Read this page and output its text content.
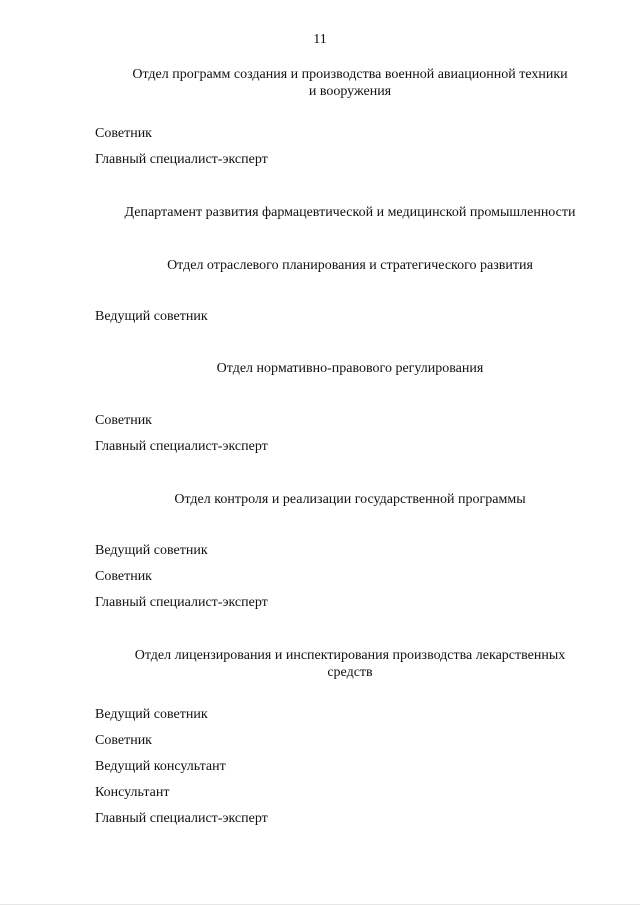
11
Отдел программ создания и производства военной авиационной техники
и вооружения
Советник
Главный специалист-эксперт
Департамент развития фармацевтической и медицинской промышленности
Отдел отраслевого планирования и стратегического развития
Ведущий советник
Отдел нормативно-правового регулирования
Советник
Главный специалист-эксперт
Отдел контроля и реализации государственной программы
Ведущий советник
Советник
Главный специалист-эксперт
Отдел лицензирования и инспектирования производства лекарственных
средств
Ведущий советник
Советник
Ведущий консультант
Консультант
Главный специалист-эксперт
